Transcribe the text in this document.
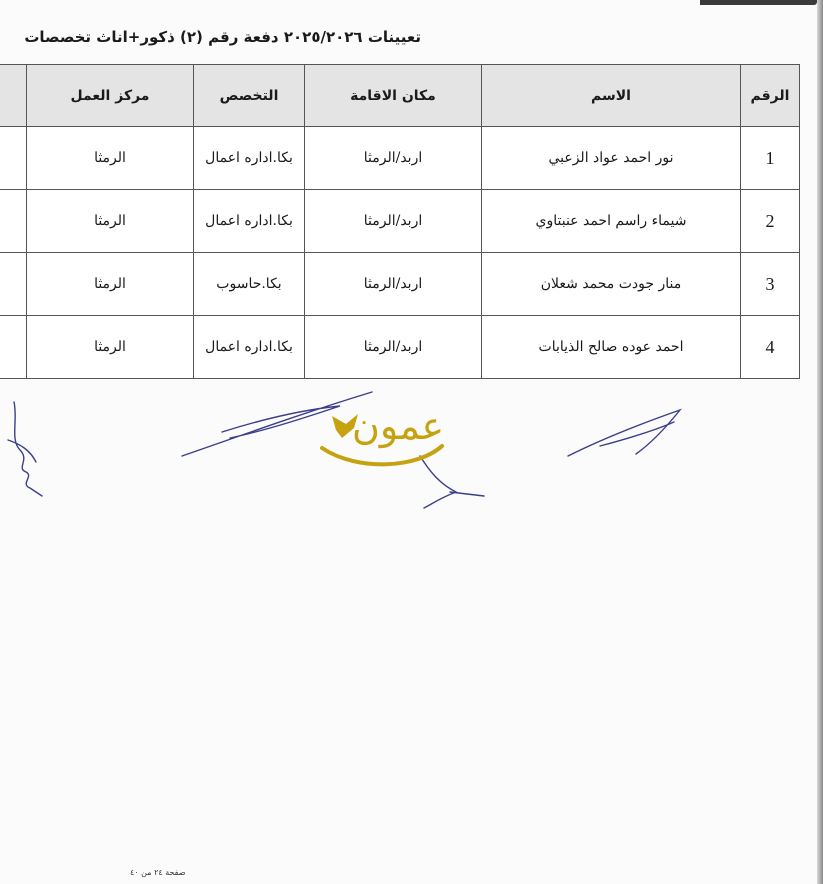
تعيينات ٢٠٢٥/٢٠٢٦ دفعة رقم (٢) ذكور+اناث تخصصات
الرقم	الاسم	مكان الاقامة	التخصص	مركز العمل	
1	نور احمد عواد الزعبي	اربد/الرمثا	بكا.اداره اعمال	الرمثا	
2	شيماء راسم احمد عنبتاوي	اربد/الرمثا	بكا.اداره اعمال	الرمثا	
3	منار جودت محمد شعلان	اربد/الرمثا	بكا.حاسوب	الرمثا	
4	احمد عوده صالح الذيابات	اربد/الرمثا	بكا.اداره اعمال	الرمثا	
عمون
صفحة ٢٤ من ٤٠
